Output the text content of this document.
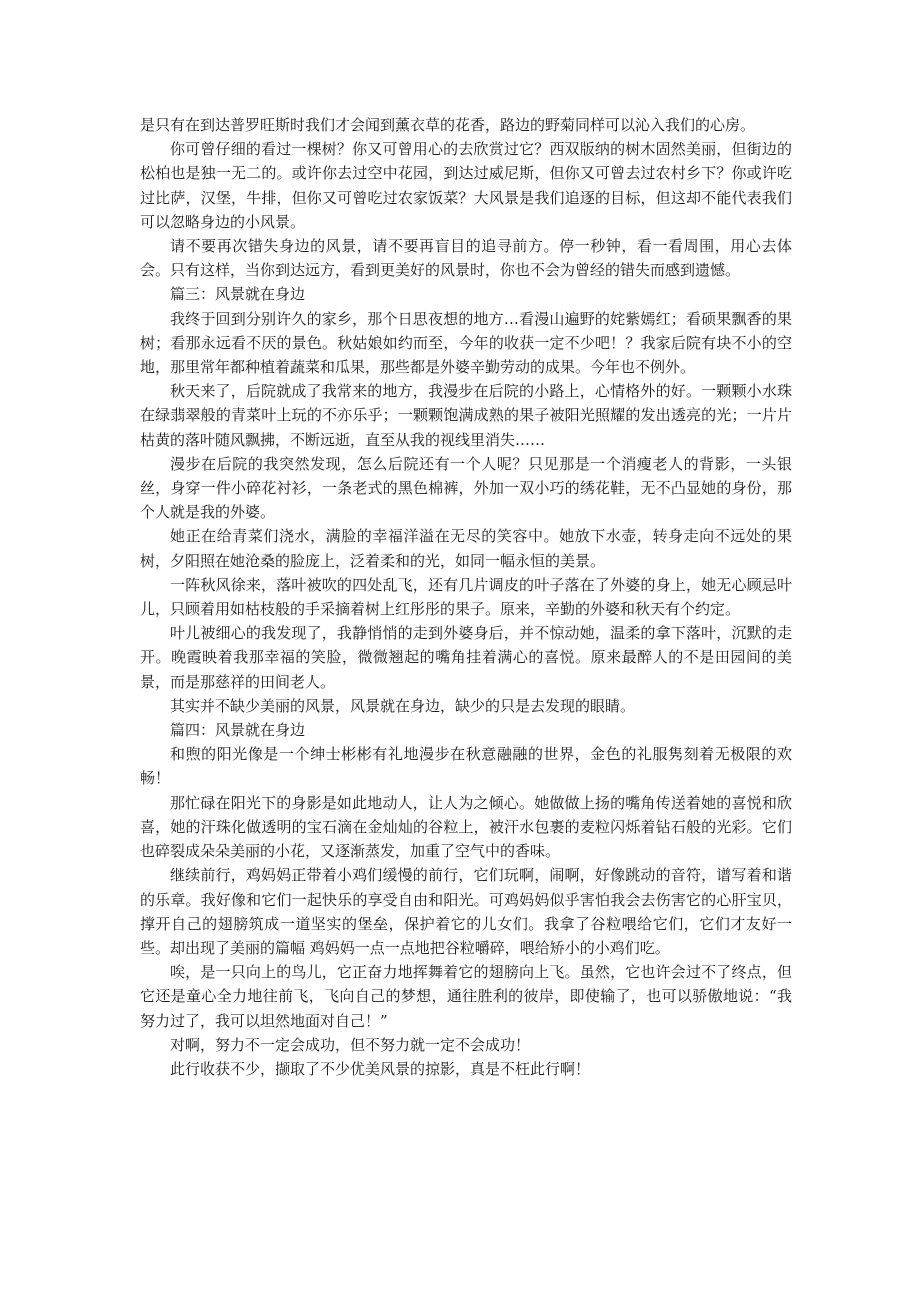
是只有在到达普罗旺斯时我们才会闻到薰衣草的花香，路边的野菊同样可以沁入我们的心房。

你可曾仔细的看过一棵树？你又可曾用心的去欣赏过它？西双版纳的树木固然美丽，但街边的松柏也是独一无二的。或许你去过空中花园，到达过威尼斯，但你又可曾去过农村乡下？你或许吃过比萨，汉堡，牛排，但你又可曾吃过农家饭菜？大风景是我们追逐的目标，但这却不能代表我们可以忽略身边的小风景。

请不要再次错失身边的风景，请不要再盲目的追寻前方。停一秒钟，看一看周围，用心去体会。只有这样，当你到达远方，看到更美好的风景时，你也不会为曾经的错失而感到遗憾。

篇三：风景就在身边

我终于回到分别许久的家乡，那个日思夜想的地方…看漫山遍野的姹紫嫣红；看硕果飘香的果树；看那永远看不厌的景色。秋姑娘如约而至，今年的收获一定不少吧！？我家后院有块不小的空地，那里常年都种植着蔬菜和瓜果，那些都是外婆辛勤劳动的成果。今年也不例外。

秋天来了，后院就成了我常来的地方，我漫步在后院的小路上，心情格外的好。一颗颗小水珠在绿翡翠般的青菜叶上玩的不亦乐乎；一颗颗饱满成熟的果子被阳光照耀的发出透亮的光；一片片枯黄的落叶随风飘拂，不断远逝，直至从我的视线里消失……

漫步在后院的我突然发现，怎么后院还有一个人呢？只见那是一个消瘦老人的背影，一头银丝，身穿一件小碎花衬衫，一条老式的黑色棉裤，外加一双小巧的绣花鞋，无不凸显她的身份，那个人就是我的外婆。

她正在给青菜们浇水，满脸的幸福洋溢在无尽的笑容中。她放下水壶，转身走向不远处的果树，夕阳照在她沧桑的脸庞上，泛着柔和的光，如同一幅永恒的美景。

一阵秋风徐来，落叶被吹的四处乱飞，还有几片调皮的叶子落在了外婆的身上，她无心顾忌叶儿，只顾着用如枯枝般的手采摘着树上红彤彤的果子。原来，辛勤的外婆和秋天有个约定。

叶儿被细心的我发现了，我静悄悄的走到外婆身后，并不惊动她，温柔的拿下落叶，沉默的走开。晚霞映着我那幸福的笑脸，微微翘起的嘴角挂着满心的喜悦。原来最醉人的不是田园间的美景，而是那慈祥的田间老人。

其实并不缺少美丽的风景，风景就在身边，缺少的只是去发现的眼睛。

篇四：风景就在身边

和煦的阳光像是一个绅士彬彬有礼地漫步在秋意融融的世界，金色的礼服隽刻着无极限的欢畅！

那忙碌在阳光下的身影是如此地动人，让人为之倾心。她做做上扬的嘴角传送着她的喜悦和欣喜，她的汗珠化做透明的宝石滴在金灿灿的谷粒上，被汗水包裹的麦粒闪烁着钻石般的光彩。它们也碎裂成朵朵美丽的小花，又逐渐蒸发，加重了空气中的香味。

继续前行，鸡妈妈正带着小鸡们缓慢的前行，它们玩啊，闹啊，好像跳动的音符，谱写着和谐的乐章。我好像和它们一起快乐的享受自由和阳光。可鸡妈妈似乎害怕我会去伤害它的心肝宝贝，撑开自己的翅膀筑成一道坚实的堡垒，保护着它的儿女们。我拿了谷粒喂给它们，它们才友好一些。却出现了美丽的篇幅 鸡妈妈一点一点地把谷粒嚼碎，喂给矫小的小鸡们吃。

唉，是一只向上的鸟儿，它正奋力地挥舞着它的翅膀向上飞。虽然，它也许会过不了终点，但它还是童心全力地往前飞，飞向自己的梦想，通往胜利的彼岸，即使输了，也可以骄傲地说：“我努力过了，我可以坦然地面对自己！”

对啊，努力不一定会成功，但不努力就一定不会成功！

此行收获不少，撷取了不少优美风景的掠影，真是不枉此行啊！
